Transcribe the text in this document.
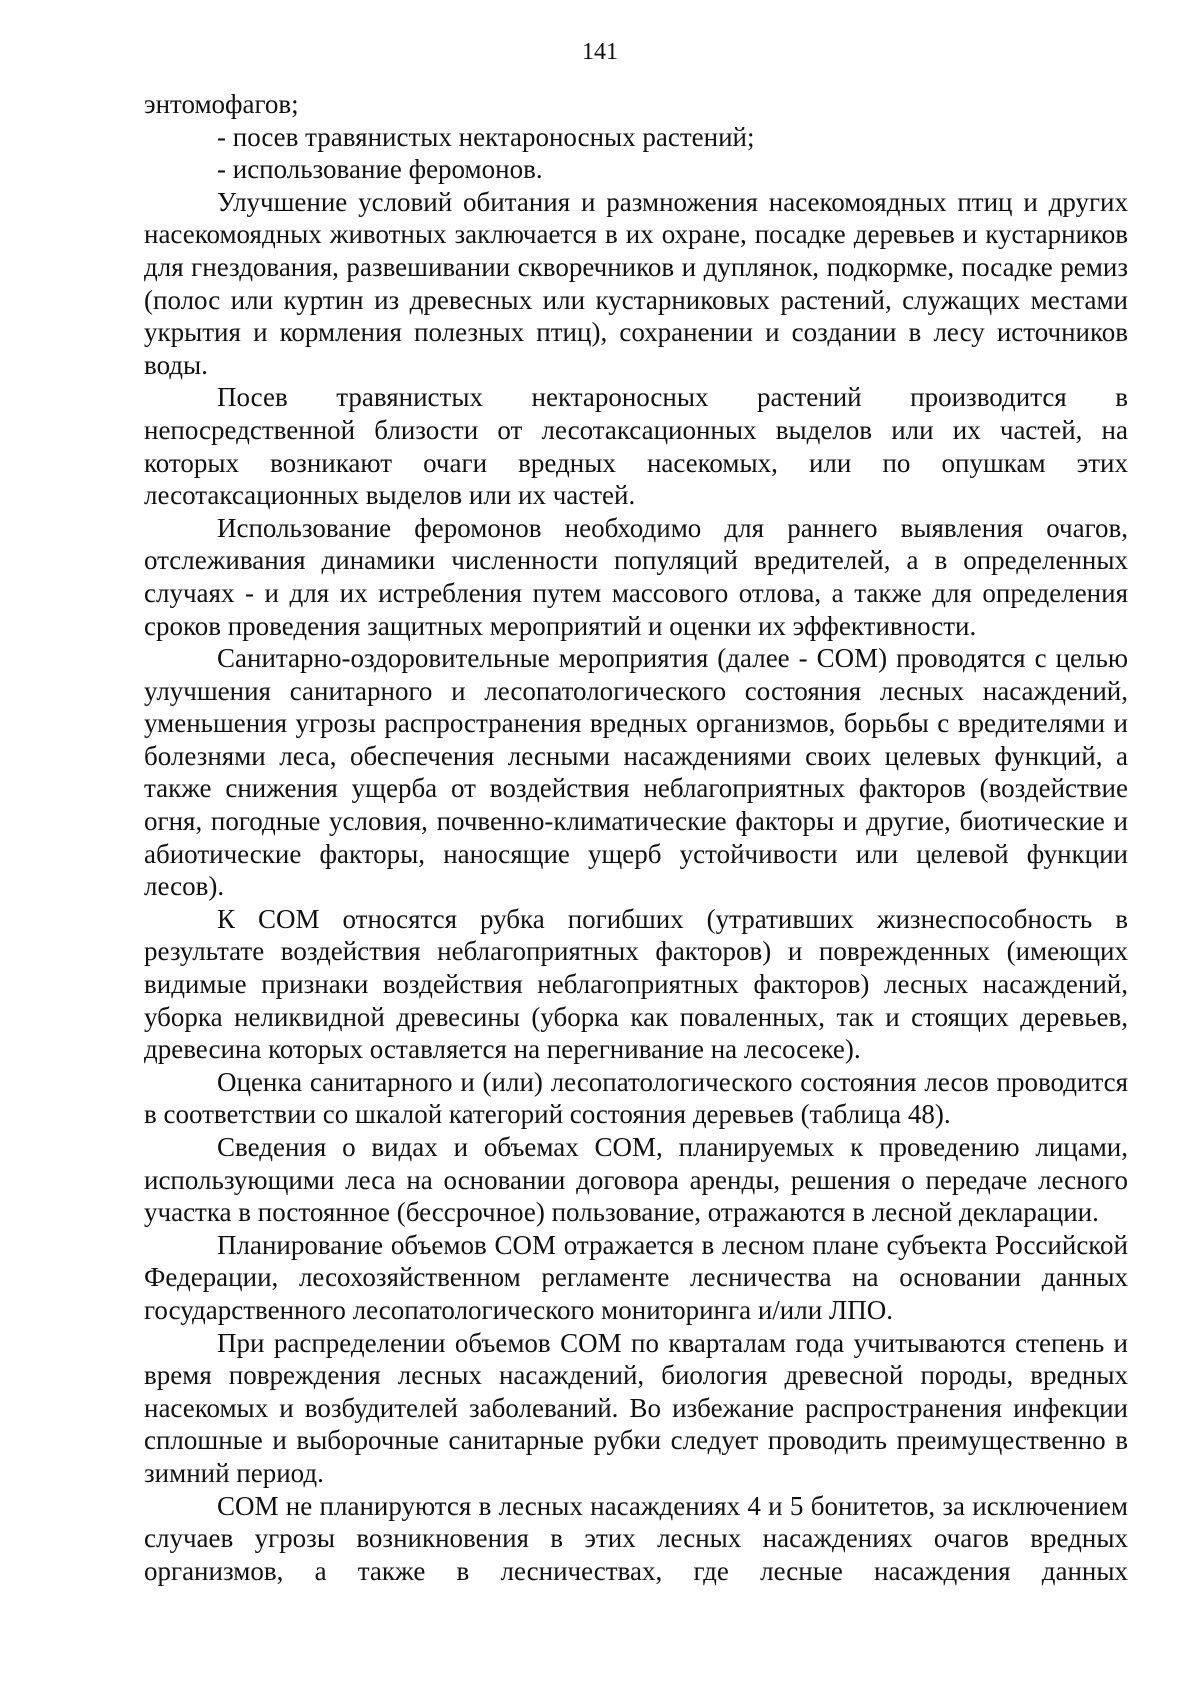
141

энтомофагов;

- посев травянистых нектароносных растений;

- использование феромонов.

Улучшение условий обитания и размножения насекомоядных птиц и других насекомоядных животных заключается в их охране, посадке деревьев и кустарников для гнездования, развешивании скворечников и дуплянок, подкормке, посадке ремиз (полос или куртин из древесных или кустарниковых растений, служащих местами укрытия и кормления полезных птиц), сохранении и создании в лесу источников воды.

Посев травянистых нектароносных растений производится в непосредственной близости от лесотаксационных выделов или их частей, на которых возникают очаги вредных насекомых, или по опушкам этих лесотаксационных выделов или их частей.

Использование феромонов необходимо для раннего выявления очагов, отслеживания динамики численности популяций вредителей, а в определенных случаях - и для их истребления путем массового отлова, а также для определения сроков проведения защитных мероприятий и оценки их эффективности.

Санитарно-оздоровительные мероприятия (далее - СОМ) проводятся с целью улучшения санитарного и лесопатологического состояния лесных насаждений, уменьшения угрозы распространения вредных организмов, борьбы с вредителями и болезнями леса, обеспечения лесными насаждениями своих целевых функций, а также снижения ущерба от воздействия неблагоприятных факторов (воздействие огня, погодные условия, почвенно-климатические факторы и другие, биотические и абиотические факторы, наносящие ущерб устойчивости или целевой функции лесов).

К СОМ относятся рубка погибших (утративших жизнеспособность в результате воздействия неблагоприятных факторов) и поврежденных (имеющих видимые признаки воздействия неблагоприятных факторов) лесных насаждений, уборка неликвидной древесины (уборка как поваленных, так и стоящих деревьев, древесина которых оставляется на перегнивание на лесосеке).

Оценка санитарного и (или) лесопатологического состояния лесов проводится в соответствии со шкалой категорий состояния деревьев (таблица 48).

Сведения о видах и объемах СОМ, планируемых к проведению лицами, использующими леса на основании договора аренды, решения о передаче лесного участка в постоянное (бессрочное) пользование, отражаются в лесной декларации.

Планирование объемов СОМ отражается в лесном плане субъекта Российской Федерации, лесохозяйственном регламенте лесничества на основании данных государственного лесопатологического мониторинга и/или ЛПО.

При распределении объемов СОМ по кварталам года учитываются степень и время повреждения лесных насаждений, биология древесной породы, вредных насекомых и возбудителей заболеваний. Во избежание распространения инфекции сплошные и выборочные санитарные рубки следует проводить преимущественно в зимний период.

СОМ не планируются в лесных насаждениях 4 и 5 бонитетов, за исключением случаев угрозы возникновения в этих лесных насаждениях очагов вредных организмов, а также в лесничествах, где лесные насаждения данных
